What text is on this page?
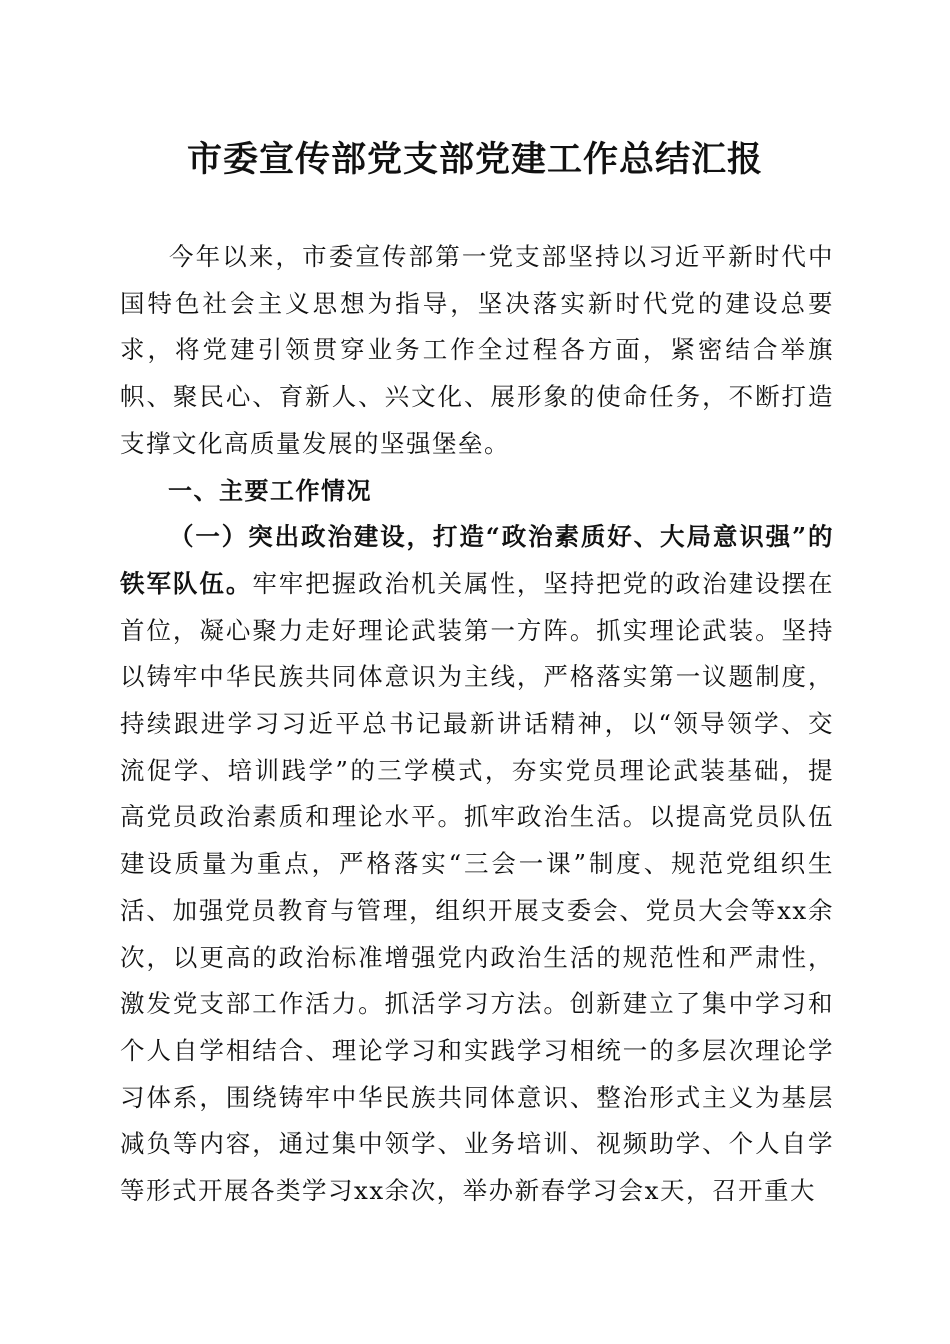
市委宣传部党支部党建工作总结汇报

今年以来，市委宣传部第一党支部坚持以习近平新时代中国特色社会主义思想为指导，坚决落实新时代党的建设总要求，将党建引领贯穿业务工作全过程各方面，紧密结合举旗帜、聚民心、育新人、兴文化、展形象的使命任务，不断打造支撑文化高质量发展的坚强堡垒。

一、主要工作情况

（一）突出政治建设，打造“政治素质好、大局意识强”的铁军队伍。牢牢把握政治机关属性，坚持把党的政治建设摆在首位，凝心聚力走好理论武装第一方阵。抓实理论武装。坚持以铸牢中华民族共同体意识为主线，严格落实第一议题制度，持续跟进学习习近平总书记最新讲话精神，以“领导领学、交流促学、培训践学”的三学模式，夯实党员理论武装基础，提高党员政治素质和理论水平。抓牢政治生活。以提高党员队伍建设质量为重点，严格落实“三会一课”制度、规范党组织生活、加强党员教育与管理，组织开展支委会、党员大会等xx余次，以更高的政治标准增强党内政治生活的规范性和严肃性，激发党支部工作活力。抓活学习方法。创新建立了集中学习和个人自学相结合、理论学习和实践学习相统一的多层次理论学习体系，围绕铸牢中华民族共同体意识、整治形式主义为基层减负等内容，通过集中领学、业务培训、视频助学、个人自学等形式开展各类学习xx余次，举办新春学习会x天，召开重大
